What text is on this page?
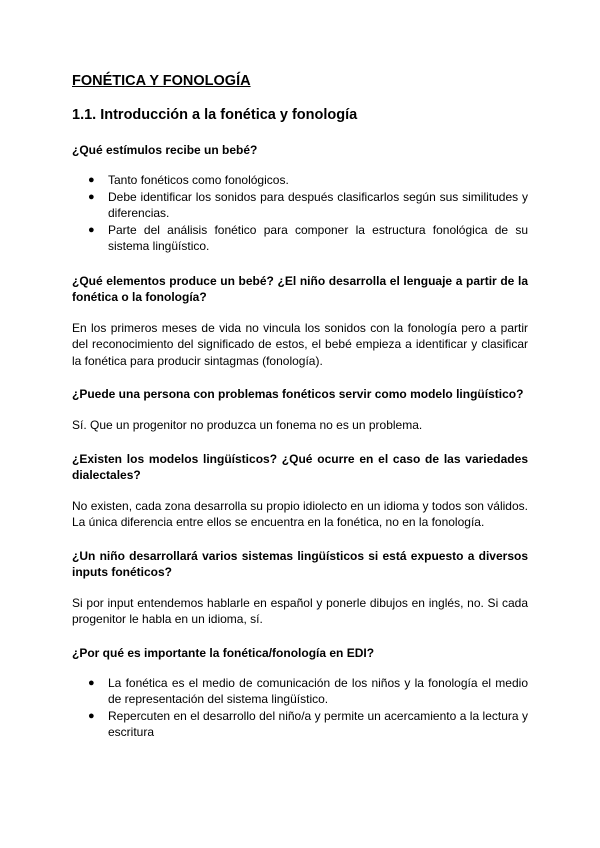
FONÉTICA Y FONOLOGÍA
1.1. Introducción a la fonética y fonología
¿Qué estímulos recibe un bebé?
● Tanto fonéticos como fonológicos.
● Debe identificar los sonidos para después clasificarlos según sus similitudes y diferencias.
● Parte del análisis fonético para componer la estructura fonológica de su sistema lingüístico.
¿Qué elementos produce un bebé? ¿El niño desarrolla el lenguaje a partir de la fonética o la fonología?
En los primeros meses de vida no vincula los sonidos con la fonología pero a partir del reconocimiento del significado de estos, el bebé empieza a identificar y clasificar la fonética para producir sintagmas (fonología).
¿Puede una persona con problemas fonéticos servir como modelo lingüístico?
Sí. Que un progenitor no produzca un fonema no es un problema.
¿Existen los modelos lingüísticos? ¿Qué ocurre en el caso de las variedades dialectales?
No existen, cada zona desarrolla su propio idiolecto en un idioma y todos son válidos. La única diferencia entre ellos se encuentra en la fonética, no en la fonología.
¿Un niño desarrollará varios sistemas lingüísticos si está expuesto a diversos inputs fonéticos?
Si por input entendemos hablarle en español y ponerle dibujos en inglés, no. Si cada progenitor le habla en un idioma, sí.
¿Por qué es importante la fonética/fonología en EDI?
● La fonética es el medio de comunicación de los niños y la fonología el medio de representación del sistema lingüístico.
● Repercuten en el desarrollo del niño/a y permite un acercamiento a la lectura y escritura
